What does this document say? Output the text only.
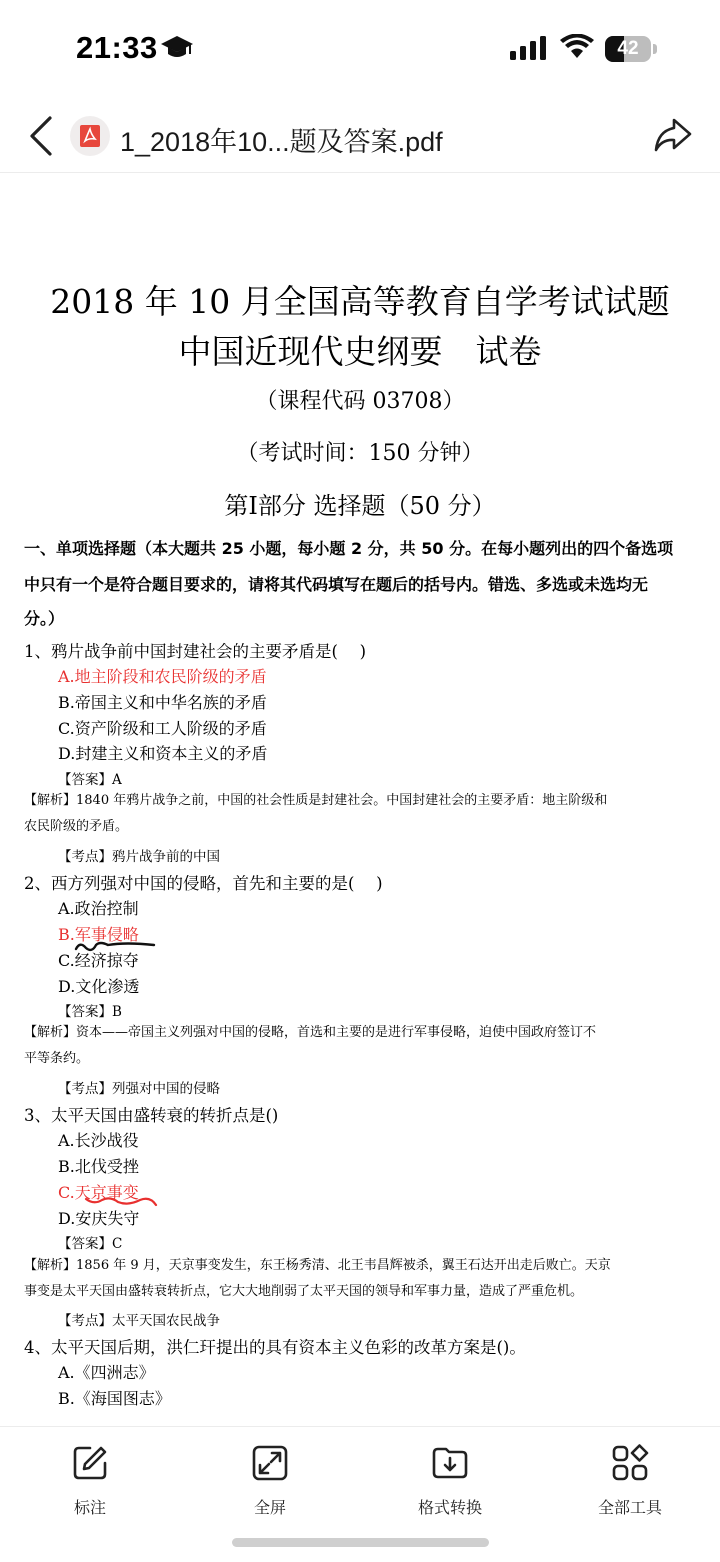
21:33	42
1_2018年10...题及答案.pdf
2018 年 10 月全国高等教育自学考试试题
中国近现代史纲要　试卷
（课程代码 03708）
（考试时间：150 分钟）
第Ⅰ部分 选择题（50 分）
一、单项选择题（本大题共 25 小题，每小题 2 分，共 50 分。在每小题列出的四个备选项
中只有一个是符合题目要求的，请将其代码填写在题后的括号内。错选、多选或未选均无
分。）
1、鸦片战争前中国封建社会的主要矛盾是(　 )
A.地主阶段和农民阶级的矛盾
B.帝国主义和中华名族的矛盾
C.资产阶级和工人阶级的矛盾
D.封建主义和资本主义的矛盾
【答案】A
【解析】1840 年鸦片战争之前，中国的社会性质是封建社会。中国封建社会的主要矛盾：地主阶级和
农民阶级的矛盾。
【考点】鸦片战争前的中国
2、西方列强对中国的侵略，首先和主要的是(　 )
A.政治控制
B.军事侵略
C.经济掠夺
D.文化渗透
【答案】B
【解析】资本——帝国主义列强对中国的侵略，首选和主要的是进行军事侵略，迫使中国政府签订不
平等条约。
【考点】列强对中国的侵略
3、太平天国由盛转衰的转折点是()
A.长沙战役
B.北伐受挫
C.天京事变
D.安庆失守
【答案】C
【解析】1856 年 9 月，天京事变发生，东王杨秀清、北王韦昌辉被杀，翼王石达开出走后败亡。天京
事变是太平天国由盛转衰转折点，它大大地削弱了太平天国的领导和军事力量，造成了严重危机。
【考点】太平天国农民战争
4、太平天国后期，洪仁玕提出的具有资本主义色彩的改革方案是()。
A.《四洲志》
B.《海国图志》
标注	全屏	格式转换	全部工具
